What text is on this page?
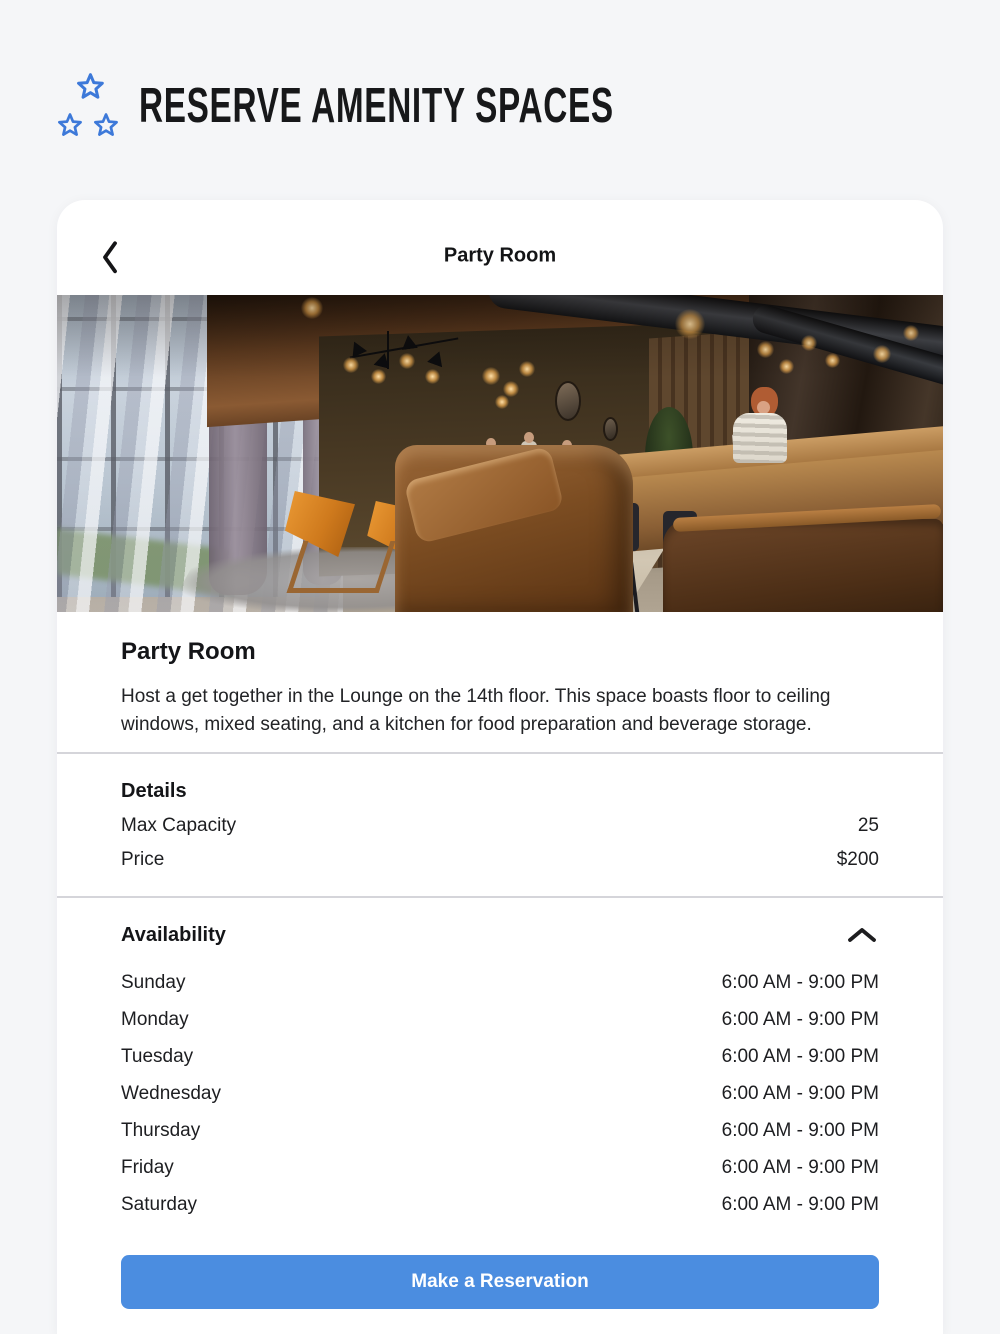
RESERVE AMENITY SPACES
Party Room
Party Room

Host a get together in the Lounge on the 14th floor. This space boasts floor to ceiling windows, mixed seating, and a kitchen for food preparation and beverage storage.

Details
Max Capacity	25
Price	$200
Availability
Sunday	6:00 AM - 9:00 PM
Monday	6:00 AM - 9:00 PM
Tuesday	6:00 AM - 9:00 PM
Wednesday	6:00 AM - 9:00 PM
Thursday	6:00 AM - 9:00 PM
Friday	6:00 AM - 9:00 PM
Saturday	6:00 AM - 9:00 PM
Make a Reservation
